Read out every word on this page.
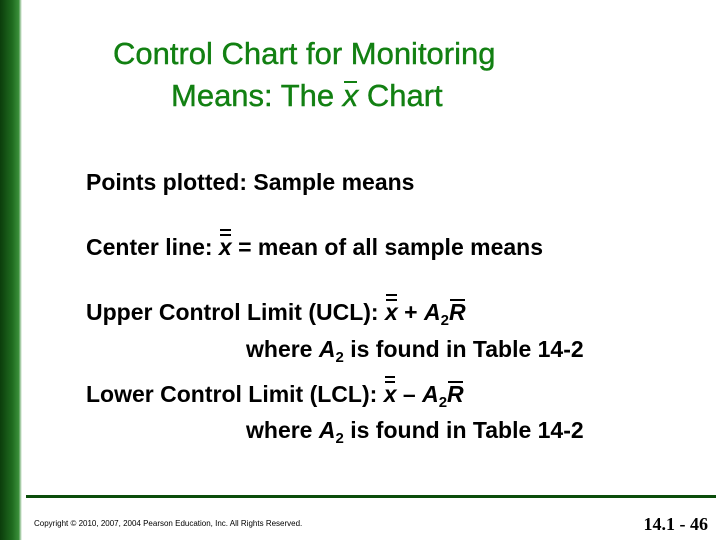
Control Chart for Monitoring
Means: The x Chart
Points plotted: Sample means
Center line: x = mean of all sample means
Upper Control Limit (UCL): $x + A_2R$
where $A_2$ is found in Table 14-2
Lower Control Limit (LCL): x – $A_2R$
where $A_2$ is found in Table 14-2
Copyright © 2010, 2007, 2004 Pearson Education, Inc. All Rights Reserved.	14.1 - 46
